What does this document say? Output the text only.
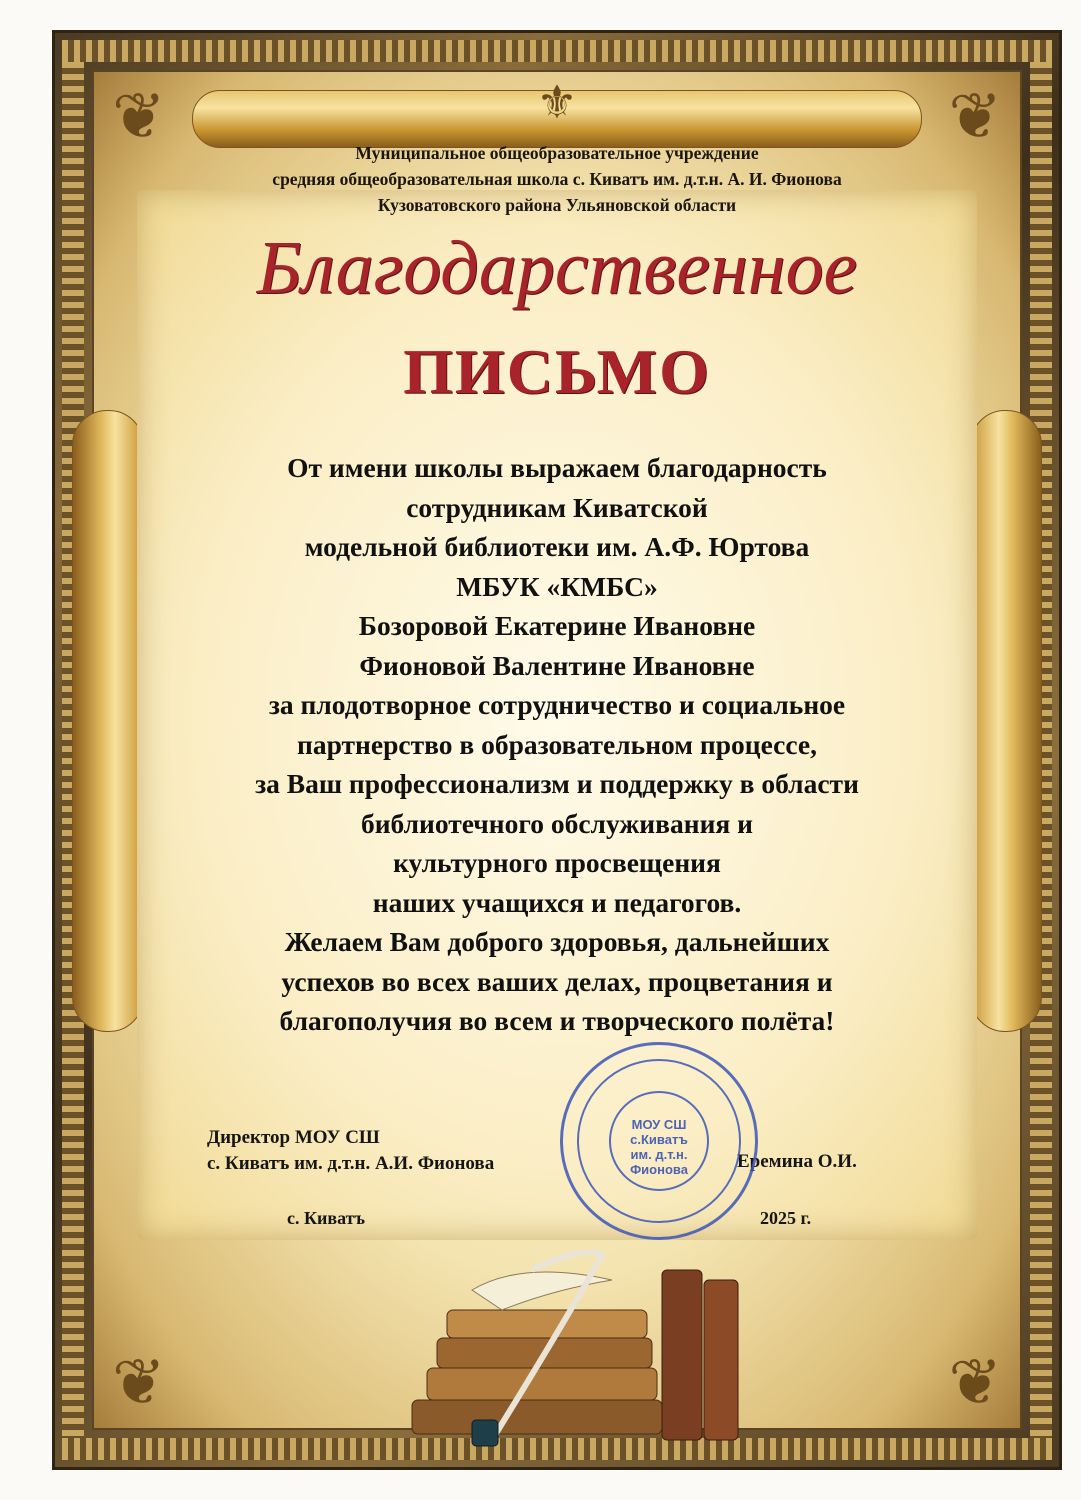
❦	❦
❦	❦
⚜
Муниципальное общеобразовательное учреждение
средняя общеобразовательная школа с. Киватъ им. д.т.н. А. И. Фионова
Кузоватовского района Ульяновской области
Благодарственное
ПИСЬМО
От имени школы выражаем благодарность
сотрудникам Киватской
модельной библиотеки им. А.Ф. Юртова
МБУК «КМБС»
Бозоровой Екатерине Ивановне
Фионовой Валентине Ивановне
за плодотворное сотрудничество и социальное
партнерство в образовательном процессе,
за Ваш профессионализм и поддержку в области
библиотечного обслуживания и
культурного просвещения
наших учащихся и педагогов.
Желаем Вам доброго здоровья, дальнейших
успехов во всех ваших делах, процветания и
благополучия во всем и творческого полёта!
Директор МОУ СШ
с. Киватъ им. д.т.н. А.И. Фионова	Еремина О.И.
с. Киватъ	2025 г.
МОУ СШ
с.Киватъ
им. д.т.н.
Фионова
